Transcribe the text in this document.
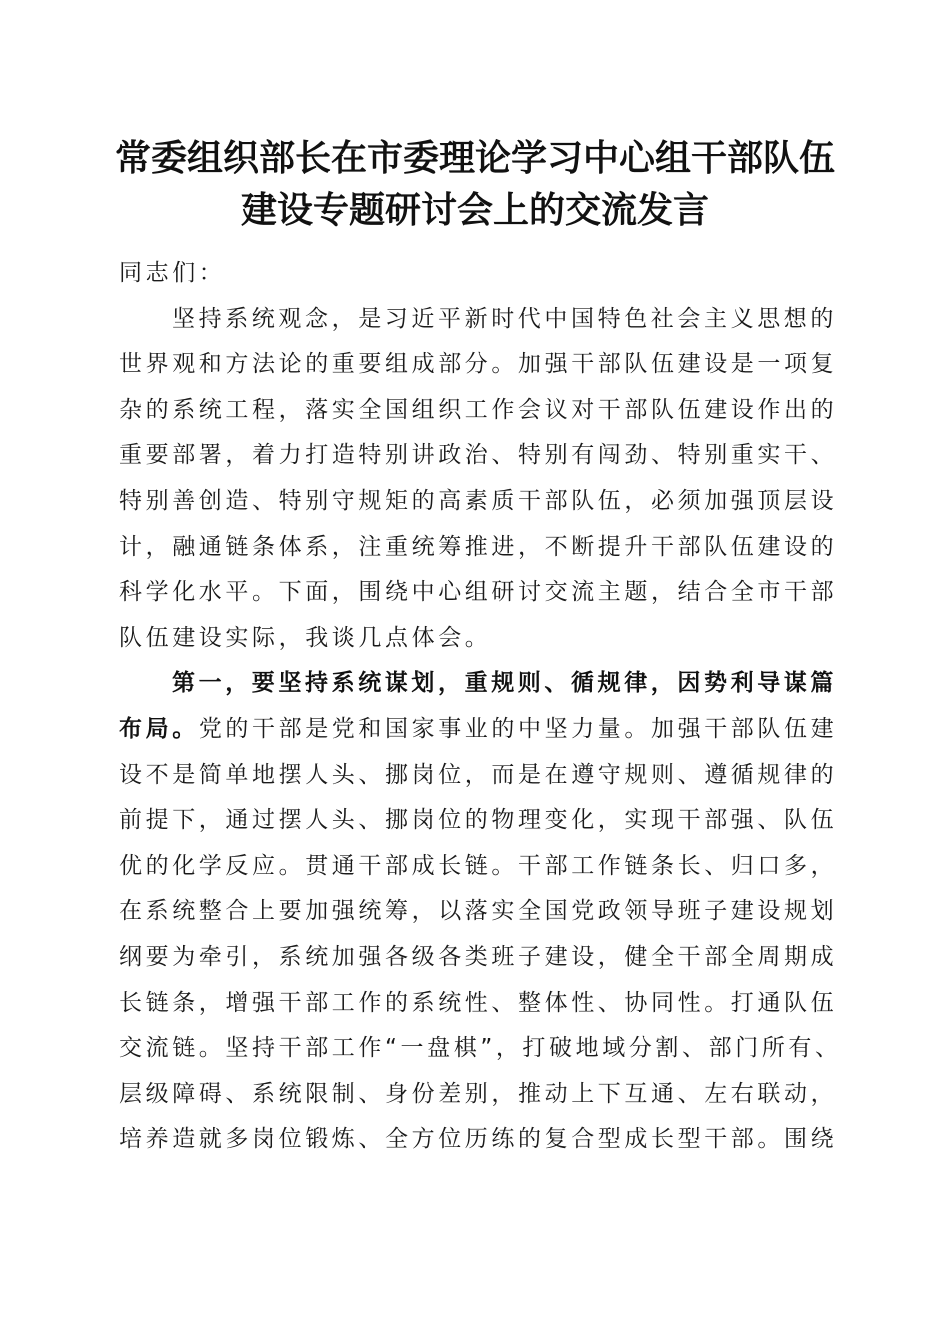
常委组织部长在市委理论学习中心组干部队伍
建设专题研讨会上的交流发言
同志们：
坚持系统观念，是习近平新时代中国特色社会主义思想的
世界观和方法论的重要组成部分。加强干部队伍建设是一项复
杂的系统工程，落实全国组织工作会议对干部队伍建设作出的
重要部署，着力打造特别讲政治、特别有闯劲、特别重实干、
特别善创造、特别守规矩的高素质干部队伍，必须加强顶层设
计，融通链条体系，注重统筹推进，不断提升干部队伍建设的
科学化水平。下面，围绕中心组研讨交流主题，结合全市干部
队伍建设实际，我谈几点体会。
第一，要坚持系统谋划，重规则、循规律，因势利导谋篇
布局。党的干部是党和国家事业的中坚力量。加强干部队伍建
设不是简单地摆人头、挪岗位，而是在遵守规则、遵循规律的
前提下，通过摆人头、挪岗位的物理变化，实现干部强、队伍
优的化学反应。贯通干部成长链。干部工作链条长、归口多，
在系统整合上要加强统筹，以落实全国党政领导班子建设规划
纲要为牵引，系统加强各级各类班子建设，健全干部全周期成
长链条，增强干部工作的系统性、整体性、协同性。打通队伍
交流链。坚持干部工作“一盘棋”，打破地域分割、部门所有、
层级障碍、系统限制、身份差别，推动上下互通、左右联动，
培养造就多岗位锻炼、全方位历练的复合型成长型干部。围绕
